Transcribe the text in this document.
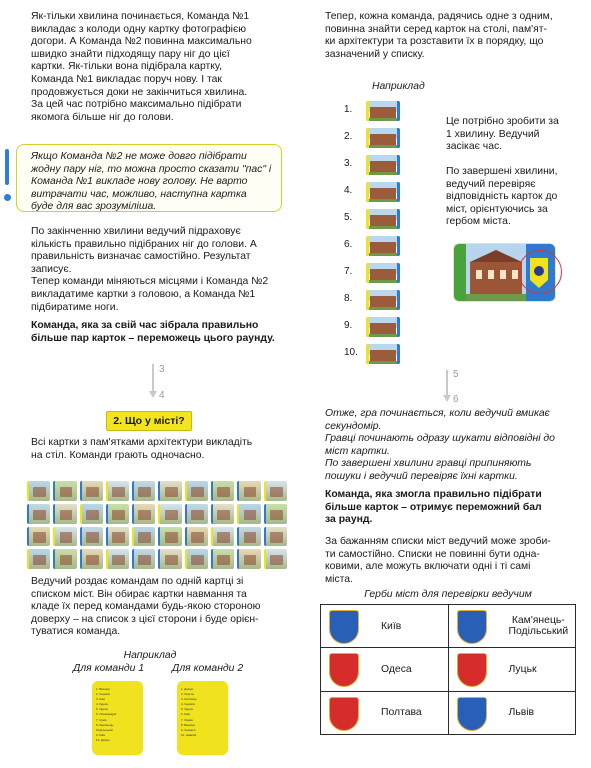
Як-тільки хвилина починається, Команда №1
викладає з колоди одну картку фотографією
догори. А Команда №2 повинна максимально
швидко знайти підходящу пару ніг до цієї
картки. Як-тільки вона підібрала картку,
Команда №1 викладає поруч нову. Ӏ так
продовжується доки не закінчиться хвилина.
За цей час потрібно максимально підібрати
якомога більше ніг до голови.
Якщо Команда №2 не може довго підібрати
жодну пару ніг, то можна просто сказати "пас" і
Команда №1 викладе нову голову. Не варто
витрачати час, можливо, наступна картка
буде для вас зрозумілішa.
По закінченню хвилини ведучий підраховує
кількість правильно підібраних ніг до голови. А
правильність визначає самостійно. Результат
записує.
Тепер команди міняються місцями і Команда №2
викладатиме картки з головою, а Команда №1
підбиратиме ноги.
Команда, яка за свій час зібрала правильно
більше пар карток – переможець цього раунду.
3
4
2. Що у місті?
Всі картки з пам'ятками архітектури викладіть
на стіл. Команди грають одночасно.
Ведучий роздає командам по одній картці зі
списком міст. Він обирає картки навмання та
кладе їх перед командами будь-якою стороною
доверху – на список з цієї сторони і буде орієн-
туватися команда.
Наприклад
Для команди 1	Для команди 2
1. Вінниця
2. Чернігів
3. Київ
4. Одеса
5. Одеса
6. Олександрія
7. Суми
8. Кам'янець-
Подільський
9. Київ
10. Дніпро
1. Дніпро
2. Херсон
3. Житомир
4. Чернігів
5. Одеса
6. Київ
7. Харків
8. Вінниця
9. Черкаси
10. Ізмаїлів
Тепер, кожна команда, радячись одне з одним,
повинна знайти серед карток на столі, пам'ят-
ки архітектури та розставити їх в порядку, що
зазначений у списку.
Наприклад
1.
2.
3.
4.
5.
6.
7.
8.
9.
10.
Це потрібно зробити за
1 хвилину. Ведучий
засікає час.
По завершені хвилини,
ведучий перевіряє
відповідність карток до
міст, орієнтуючись за
гербом міста.
5
6
Отже, гра починається, коли ведучий вмикає
секундомір.
Гравці починають одразу шукати відповідні до
міст картки.
По завершені хвилини гравці припиняють
пошуки і ведучий перевіряє їхні картки.
Команда, яка змогла правильно підібрати
більше карток – отримує переможний бал
за раунд.
За бажанням списки міст ведучий може зроби-
ти самостійно. Списки не повинні бути одна-
ковими, але можуть включати одні і ті самі
міста.
Герби міст для перевірки ведучим
Київ	Кам'янець-
Подільський

Одеса	Луцьк

Полтава	Львів
